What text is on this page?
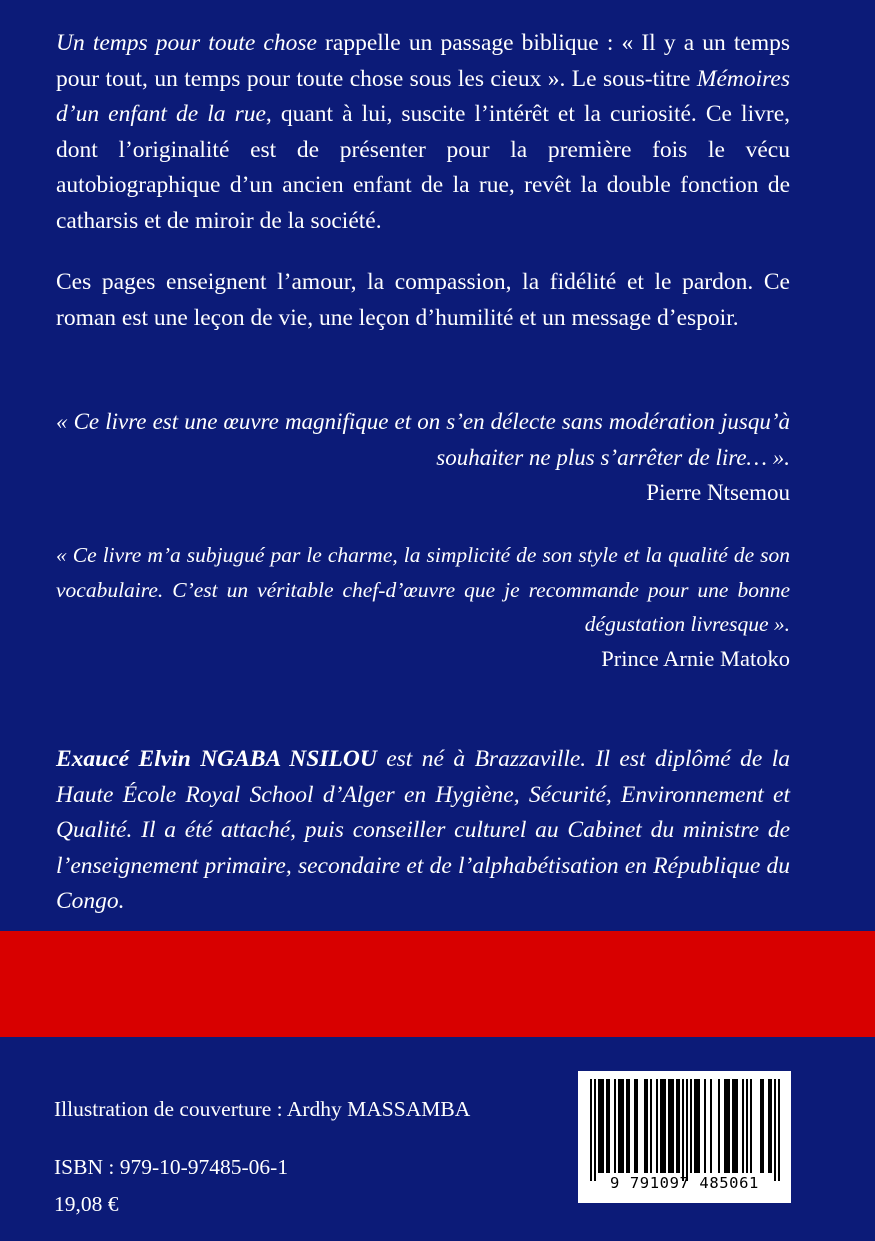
Un temps pour toute chose rappelle un passage biblique : « Il y a un temps pour tout, un temps pour toute chose sous les cieux ». Le sous-titre Mémoires d’un enfant de la rue, quant à lui, suscite l’intérêt et la curiosité. Ce livre, dont l’originalité est de présenter pour la première fois le vécu autobiographique d’un ancien enfant de la rue, revêt la double fonction de catharsis et de miroir de la société.

Ces pages enseignent l’amour, la compassion, la fidélité et le pardon. Ce roman est une leçon de vie, une leçon d’humilité et un message d’espoir.

« Ce livre est une œuvre magnifique et on s’en délecte sans modération jusqu’à souhaiter ne plus s’arrêter de lire… ».
Pierre Ntsemou
« Ce livre m’a subjugué par le charme, la simplicité de son style et la qualité de son vocabulaire. C’est un véritable chef-d’œuvre que je recommande pour une bonne dégustation livresque ».
Prince Arnie Matoko
Exaucé Elvin NGABA NSILOU est né à Brazzaville. Il est diplômé de la Haute École Royal School d’Alger en Hygiène, Sécurité, Environnement et Qualité. Il a été attaché, puis conseiller culturel au Cabinet du ministre de l’enseignement primaire, secondaire et de l’alphabétisation en République du Congo.
Illustration de couverture : Ardhy MASSAMBA
ISBN : 979-10-97485-06-1
19,08 €
9 791097 485061
